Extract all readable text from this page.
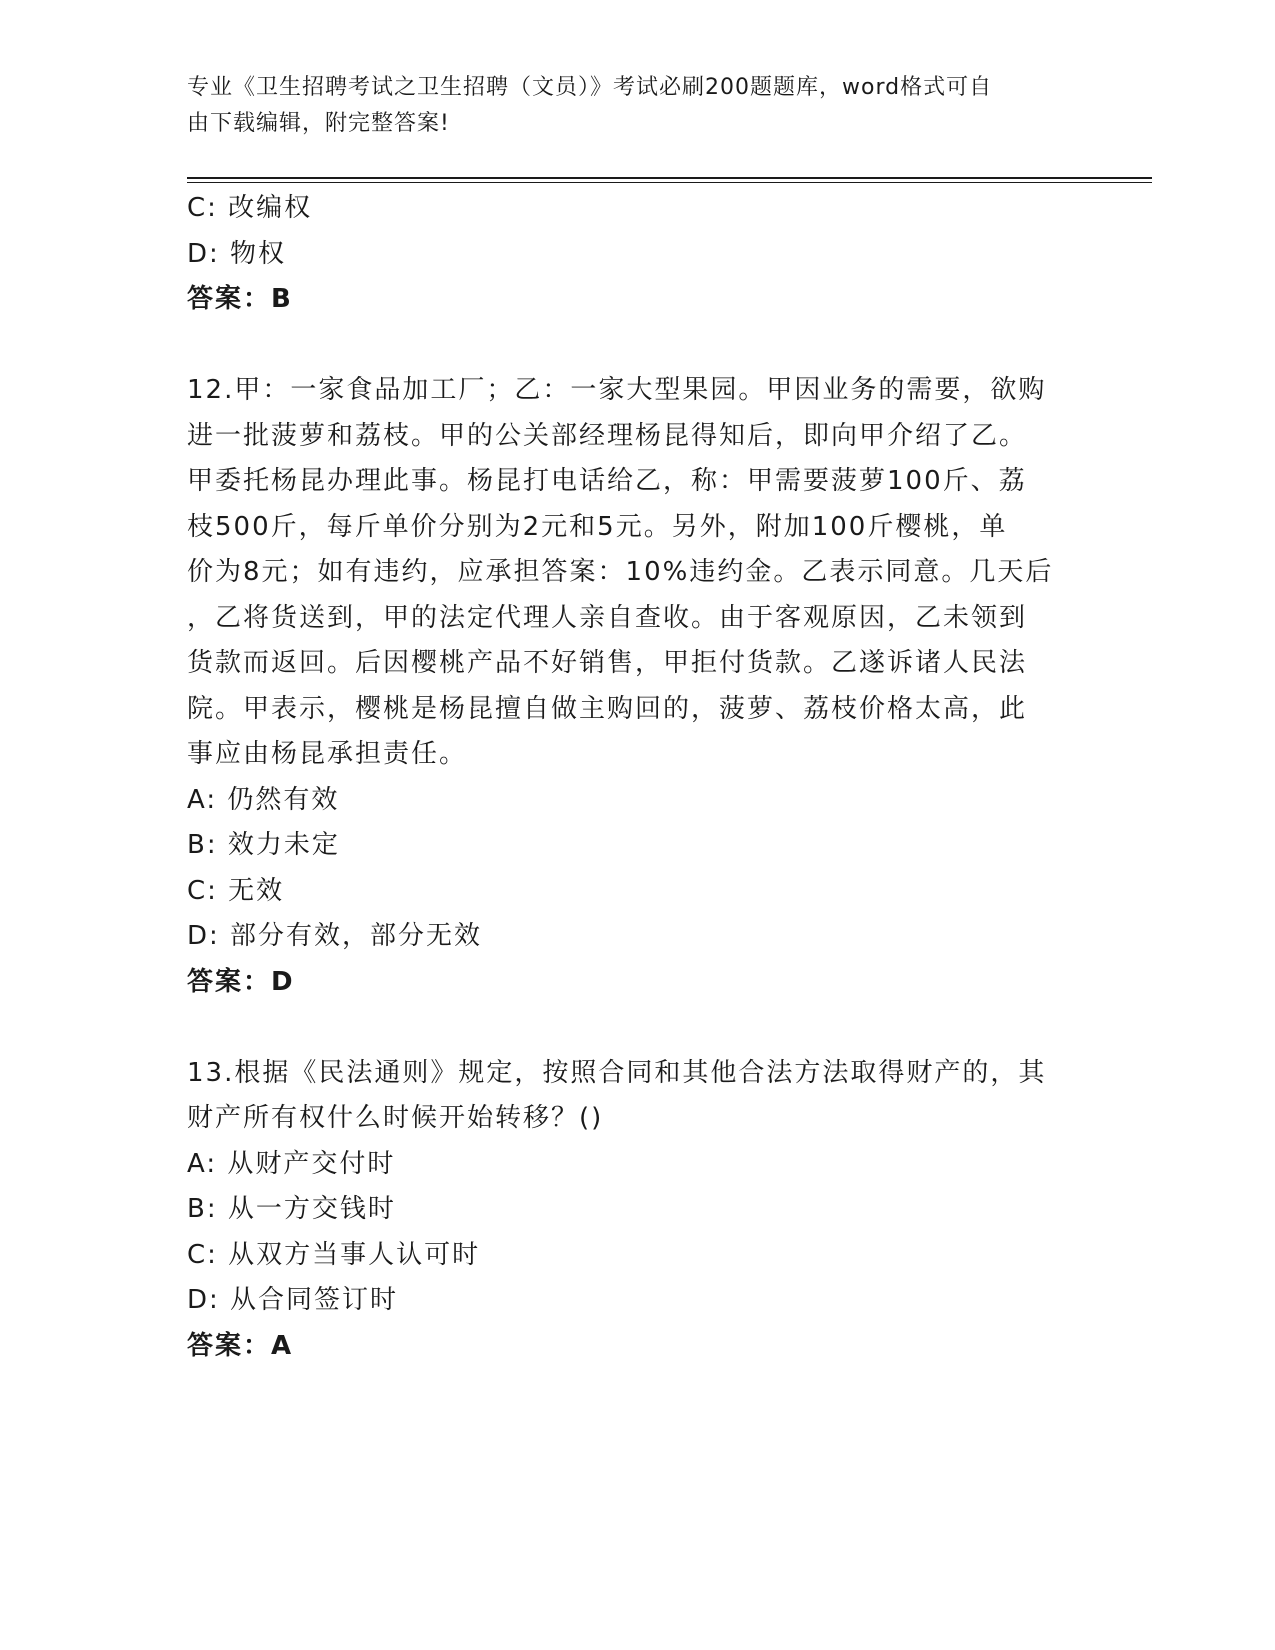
专业《卫生招聘考试之卫生招聘（文员）》考试必刷200题题库，word格式可自
由下载编辑，附完整答案!
C: 改编权
D: 物权
答案：B
12.甲：一家食品加工厂；乙：一家大型果园。甲因业务的需要，欲购
进一批菠萝和荔枝。甲的公关部经理杨昆得知后，即向甲介绍了乙。
甲委托杨昆办理此事。杨昆打电话给乙，称：甲需要菠萝100斤、荔
枝500斤，每斤单价分别为2元和5元。另外，附加100斤樱桃，单
价为8元；如有违约，应承担答案：10%违约金。乙表示同意。几天后
，乙将货送到，甲的法定代理人亲自查收。由于客观原因，乙未领到
货款而返回。后因樱桃产品不好销售，甲拒付货款。乙遂诉诸人民法
院。甲表示，樱桃是杨昆擅自做主购回的，菠萝、荔枝价格太高，此
事应由杨昆承担责任。
A: 仍然有效
B: 效力未定
C: 无效
D: 部分有效，部分无效
答案：D
13.根据《民法通则》规定，按照合同和其他合法方法取得财产的，其
财产所有权什么时候开始转移？()
A: 从财产交付时
B: 从一方交钱时
C: 从双方当事人认可时
D: 从合同签订时
答案：A
